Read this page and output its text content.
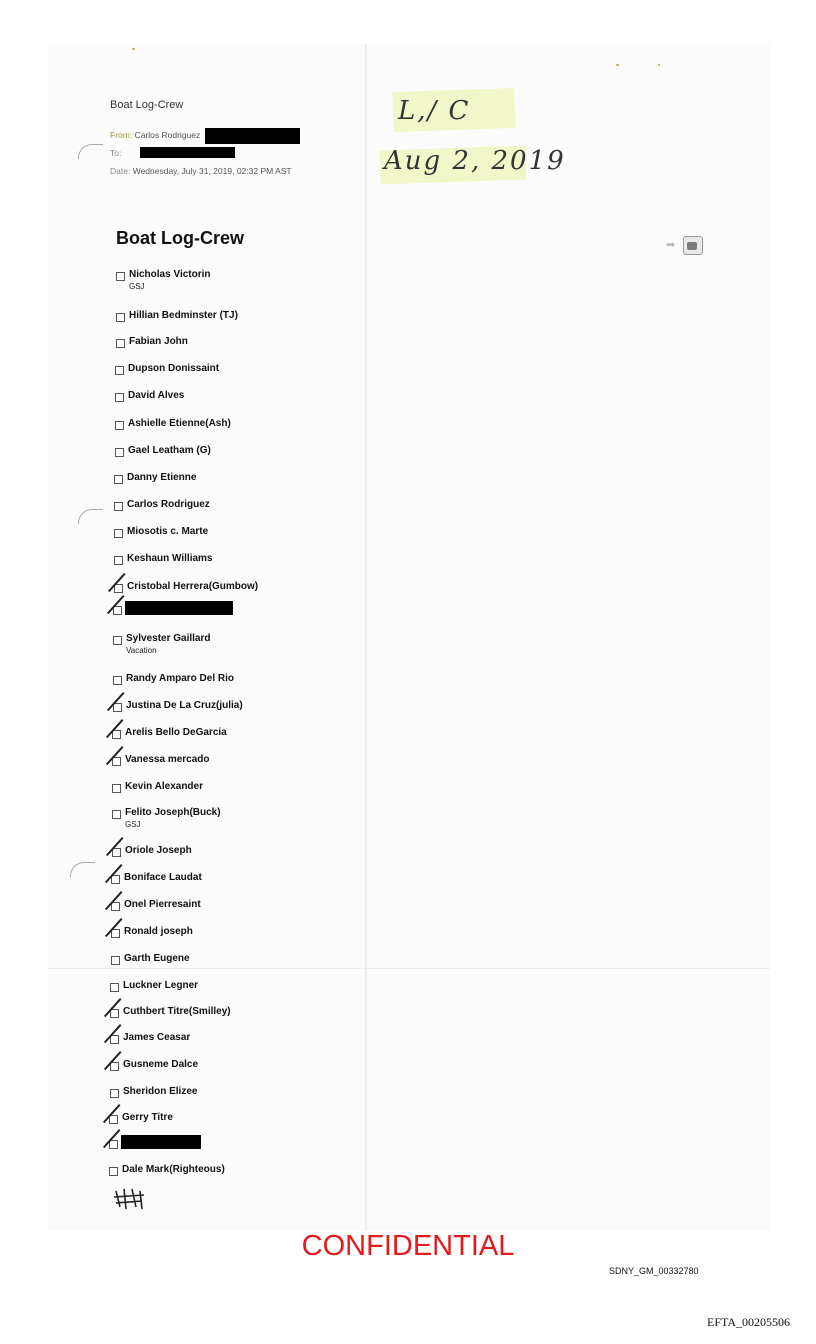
Boat Log-Crew
From: Carlos Rodriguez
To:
Date: Wednesday, July 31, 2019, 02:32 PM AST
L,/ C
Aug 2, 2019
Boat Log-Crew	➡
Nicholas Victorin
GSJ
Hillian Bedminster (TJ)
Fabian John
Dupson Donissaint
David Alves
Ashielle Etienne(Ash)
Gael Leatham (G)
Danny Etienne
Carlos Rodriguez
Miosotis c. Marte
Keshaun Williams
Cristobal Herrera(Gumbow)
Sylvester Gaillard
Vacation
Randy Amparo Del Rio
Justina De La Cruz(julia)
Arelis Bello DeGarcia
Vanessa mercado
Kevin Alexander
Felito Joseph(Buck)
GSJ
Oriole Joseph
Boniface Laudat
Onel Pierresaint
Ronald joseph
Garth Eugene
Luckner Legner
Cuthbert Titre(Smilley)
James Ceasar
Gusneme Dalce
Sheridon Elizee
Gerry Titre
Dale Mark(Righteous)
CONFIDENTIAL
SDNY_GM_00332780
EFTA_00205506
